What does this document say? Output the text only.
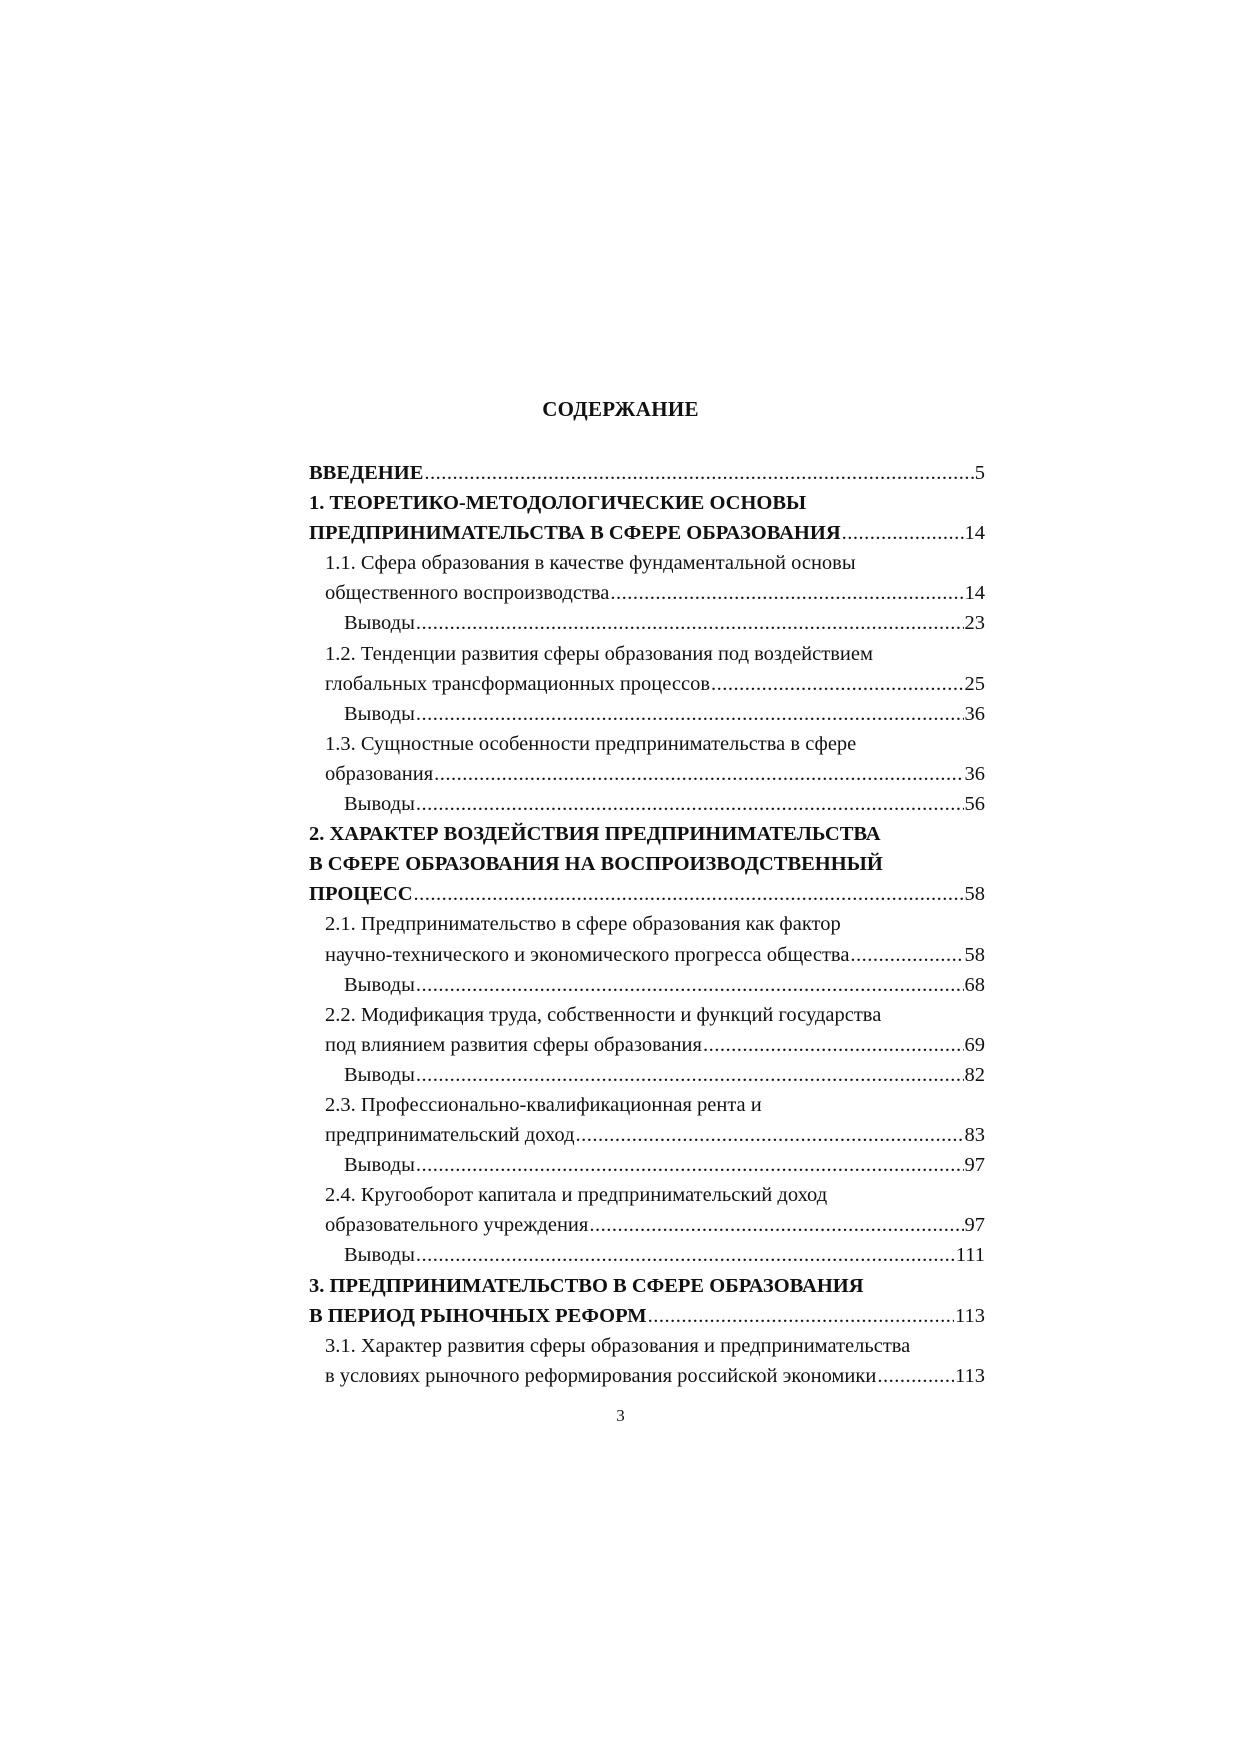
СОДЕРЖАНИЕ
ВВЕДЕНИЕ .....	5
1. ТЕОРЕТИКО-МЕТОДОЛОГИЧЕСКИЕ ОСНОВЫ
ПРЕДПРИНИМАТЕЛЬСТВА В СФЕРЕ ОБРАЗОВАНИЯ .....	14
1.1. Сфера образования в качестве фундаментальной основы
общественного воспроизводства .....	14
Выводы .....	23
1.2. Тенденции развития сферы образования под воздействием
глобальных трансформационных процессов .....	25
Выводы .....	36
1.3. Сущностные особенности предпринимательства в сфере
образования .....	36
Выводы .....	56
2. ХАРАКТЕР ВОЗДЕЙСТВИЯ ПРЕДПРИНИМАТЕЛЬСТВА
В СФЕРЕ ОБРАЗОВАНИЯ НА ВОСПРОИЗВОДСТВЕННЫЙ
ПРОЦЕСС .....	58
2.1. Предпринимательство в сфере образования как фактор
научно-технического и экономического прогресса общества .....	58
Выводы .....	68
2.2. Модификация труда, собственности и функций государства
под влиянием развития сферы образования .....	69
Выводы .....	82
2.3. Профессионально-квалификационная рента и
предпринимательский доход .....	83
Выводы .....	97
2.4. Кругооборот капитала и предпринимательский доход
образовательного учреждения .....	97
Выводы .....	111
3. ПРЕДПРИНИМАТЕЛЬСТВО В СФЕРЕ ОБРАЗОВАНИЯ
В ПЕРИОД РЫНОЧНЫХ РЕФОРМ .....	113
3.1. Характер развития сферы образования и предпринимательства
в условиях рыночного реформирования российской экономики .....	113
3
